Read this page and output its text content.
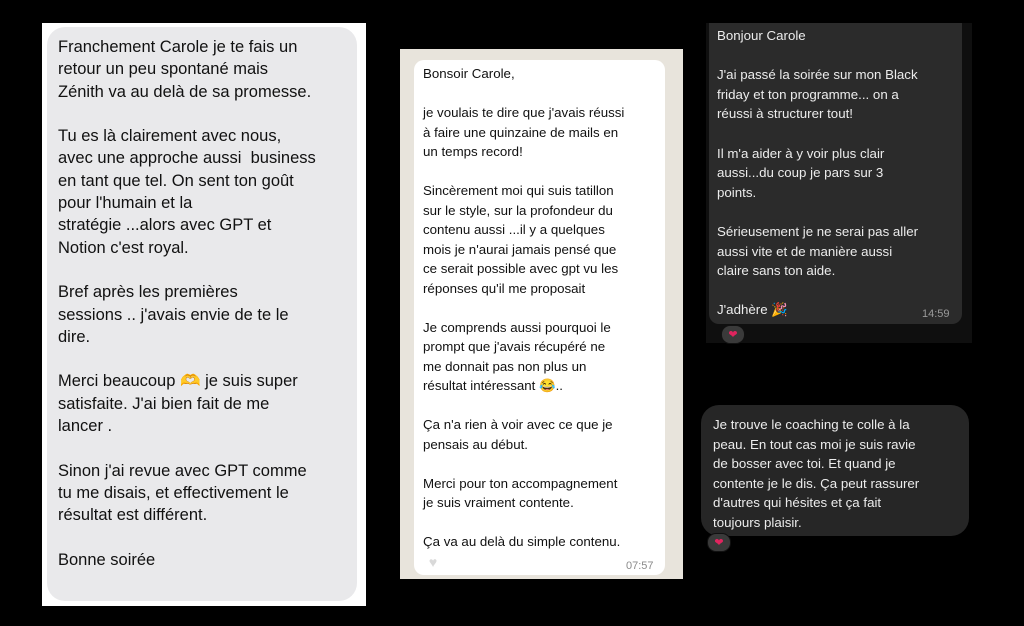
Franchement Carole je te fais un
retour un peu spontané mais
Zénith va au delà de sa promesse.

Tu es là clairement avec nous,
avec une approche aussi  business
en tant que tel. On sent ton goût
pour l'humain et la
stratégie ...alors avec GPT et
Notion c'est royal.

Bref après les premières
sessions .. j'avais envie de te le
dire.

Merci beaucoup 🫶 je suis super
satisfaite. J'ai bien fait de me
lancer .

Sinon j'ai revue avec GPT comme
tu me disais, et effectivement le
résultat est différent.

Bonne soirée

Bonsoir Carole,

je voulais te dire que j'avais réussi
à faire une quinzaine de mails en
un temps record!

Sincèrement moi qui suis tatillon
sur le style, sur la profondeur du
contenu aussi ...il y a quelques
mois je n'aurai jamais pensé que
ce serait possible avec gpt vu les
réponses qu'il me proposait

Je comprends aussi pourquoi le
prompt que j'avais récupéré ne
me donnait pas non plus un
résultat intéressant 😂..

Ça n'a rien à voir avec ce que je
pensais au début.

Merci pour ton accompagnement
je suis vraiment contente.

Ça va au delà du simple contenu.

07:57
♥

Bonjour Carole

J'ai passé la soirée sur mon Black
friday et ton programme... on a
réussi à structurer tout!

Il m'a aider à y voir plus clair
aussi...du coup je pars sur 3
points.

Sérieusement je ne serai pas aller
aussi vite et de manière aussi
claire sans ton aide.

J'adhère 🎉	14:59
❤

Je trouve le coaching te colle à la
peau. En tout cas moi je suis ravie
de bosser avec toi. Et quand je
contente je le dis. Ça peut rassurer
d'autres qui hésites et ça fait
toujours plaisir.

❤
